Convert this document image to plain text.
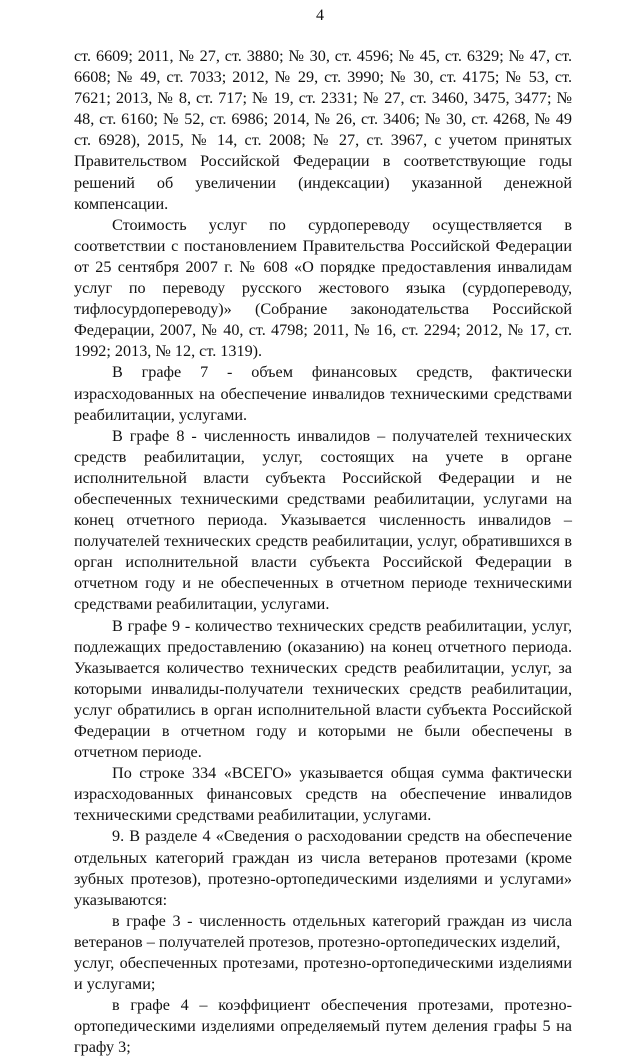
4

ст. 6609; 2011, № 27, ст. 3880; № 30, ст. 4596; № 45, ст. 6329; № 47, ст. 6608; № 49, ст. 7033; 2012, № 29, ст. 3990; № 30, ст. 4175; № 53, ст. 7621; 2013, № 8, ст. 717; № 19, ст. 2331; № 27, ст. 3460, 3475, 3477; № 48, ст. 6160; № 52, ст. 6986; 2014, № 26, ст. 3406; № 30, ст. 4268, № 49 ст. 6928), 2015, № 14, ст. 2008; № 27, ст. 3967, с учетом принятых Правительством Российской Федерации в соответствующие годы решений об увеличении (индексации) указанной денежной компенсации.

Стоимость услуг по сурдопереводу осуществляется в соответствии с постановлением Правительства Российской Федерации от 25 сентября 2007 г. № 608 «О порядке предоставления инвалидам услуг по переводу русского жестового языка (сурдопереводу, тифлосурдопереводу)» (Собрание законодательства Российской Федерации, 2007, № 40, ст. 4798; 2011, № 16, ст. 2294; 2012, № 17, ст. 1992; 2013, № 12, ст. 1319).

В графе 7 - объем финансовых средств, фактически израсходованных на обеспечение инвалидов техническими средствами реабилитации, услугами.

В графе 8 - численность инвалидов – получателей технических средств реабилитации, услуг, состоящих на учете в органе исполнительной власти субъекта Российской Федерации и не обеспеченных техническими средствами реабилитации, услугами на конец отчетного периода. Указывается численность инвалидов – получателей технических средств реабилитации, услуг, обратившихся в орган исполнительной власти субъекта Российской Федерации в отчетном году и не обеспеченных в отчетном периоде техническими средствами реабилитации, услугами.

В графе 9 - количество технических средств реабилитации, услуг, подлежащих предоставлению (оказанию) на конец отчетного периода. Указывается количество технических средств реабилитации, услуг, за которыми инвалиды-получатели технических средств реабилитации, услуг обратились в орган исполнительной власти субъекта Российской Федерации в отчетном году и которыми не были обеспечены в отчетном периоде.

По строке 334 «ВСЕГО» указывается общая сумма фактически израсходованных финансовых средств на обеспечение инвалидов техническими средствами реабилитации, услугами.

9. В разделе 4 «Сведения о расходовании средств на обеспечение отдельных категорий граждан из числа ветеранов протезами (кроме зубных протезов), протезно-ортопедическими изделиями и услугами» указываются:

в графе 3 - численность отдельных категорий граждан из числа ветеранов – получателей протезов, протезно-ортопедических изделий,

услуг, обеспеченных протезами, протезно-ортопедическими изделиями и услугами;

в графе 4 – коэффициент обеспечения протезами, протезно-ортопедическими изделиями определяемый путем деления графы 5 на графу 3;
